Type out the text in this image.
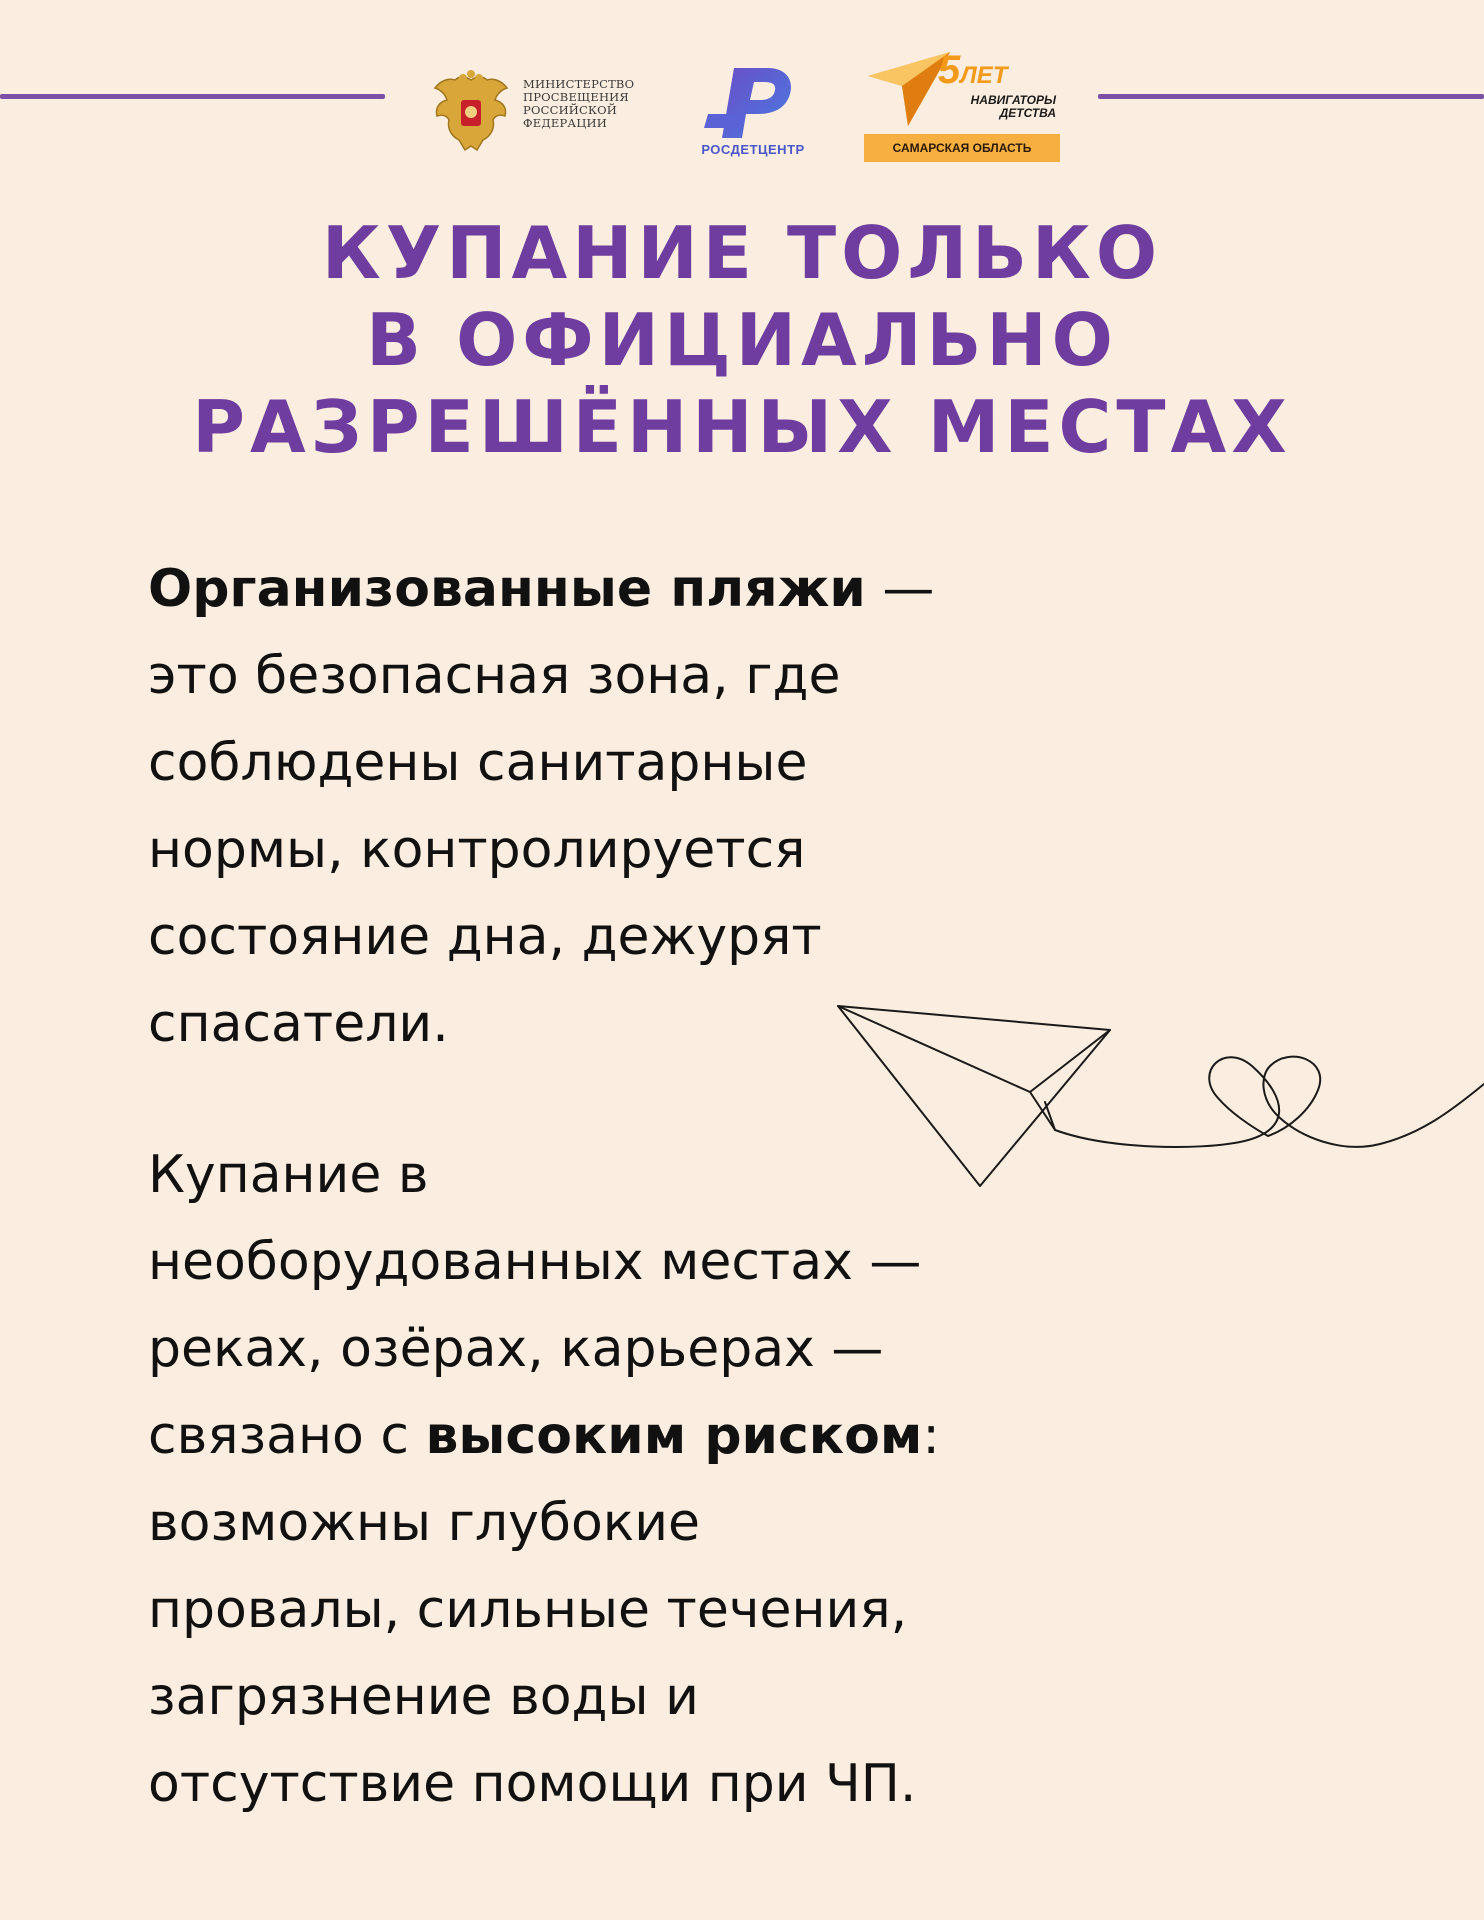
МИНИСТЕРСТВО
ПРОСВЕЩЕНИЯ
РОССИЙСКОЙ
ФЕДЕРАЦИИ
РОСДЕТЦЕНТР
5ЛЕТ
НАВИГАТОРЫ
ДЕТСТВА
САМАРСКАЯ ОБЛАСТЬ
КУПАНИЕ ТОЛЬКО
В ОФИЦИАЛЬНО
РАЗРЕШЁННЫХ МЕСТАХ
Организованные пляжи —
это безопасная зона, где
соблюдены санитарные
нормы, контролируется
состояние дна, дежурят
спасатели.
Купание в
необорудованных местах —
реках, озёрах, карьерах —
связано с высоким риском:
возможны глубокие
провалы, сильные течения,
загрязнение воды и
отсутствие помощи при ЧП.
